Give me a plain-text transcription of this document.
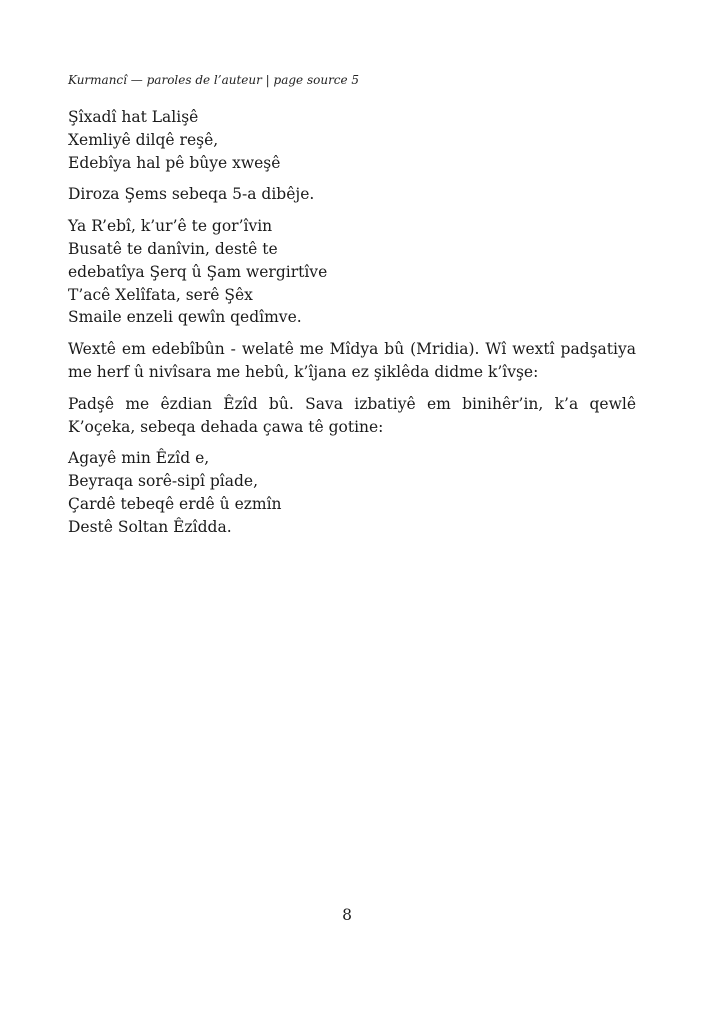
Kurmancî — paroles de l’auteur | page source 5
Şîxadî hat Lalişê
Xemliyê dilqê reşê,
Edebîya hal pê bûye xweşê
Diroza Şems sebeqa 5-a dibêje.
Ya R’ebî, k’ur’ê te gor’îvin
Busatê te danîvin, destê te
edebatîya Şerq û Şam wergirtîve
T’acê Xelîfata, serê Şêx
Smaile enzeli qewîn qedîmve.

Wextê em edebîbûn - welatê me Mîdya bû (Mridia). Wî wextî padşatiya me herf û nivîsara me hebû, k’îjana ez şiklêda didme k’îvşe:

Padşê me êzdian Êzîd bû. Sava izbatiyê em binihêr’in, k’a qewlê K’oçeka, sebeqa dehada çawa tê gotine:

Agayê min Êzîd e,
Beyraqa sorê-sipî pîade,
Çardê tebeqê erdê û ezmîn
Destê Soltan Êzîdda.
8
